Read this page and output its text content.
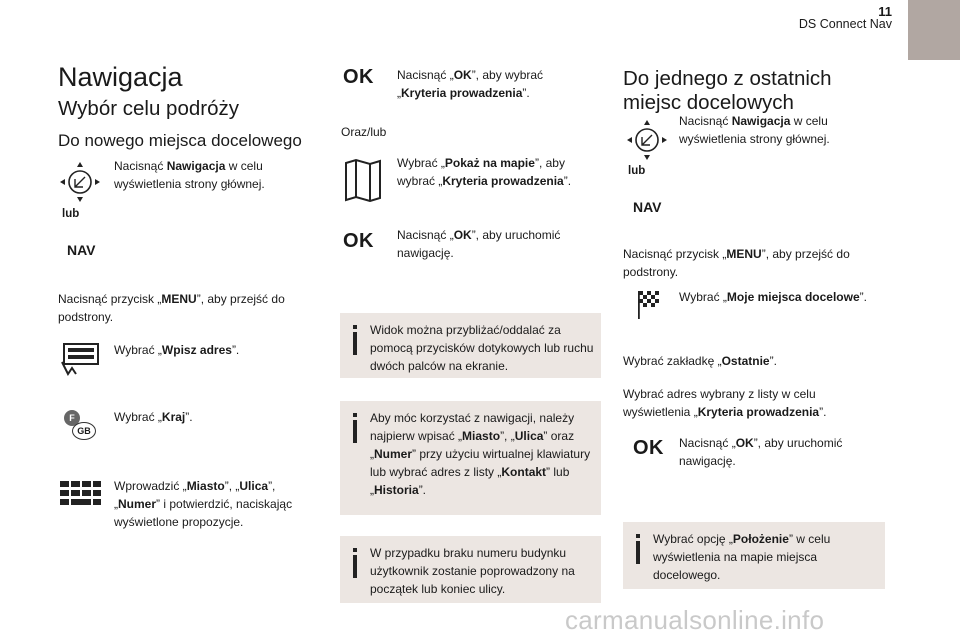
11
DS Connect Nav
Nawigacja
Wybór celu podróży
Do nowego miejsca docelowego
Nacisnąć Nawigacja w celu wyświetlenia strony głównej.
lub
NAV
Nacisnąć przycisk „MENU”, aby przejść do podstrony.
Wybrać „Wpisz adres”.
F
GB
Wybrać „Kraj”.
Wprowadzić „Miasto”, „Ulica”, „Numer” i potwierdzić, naciskając wyświetlone propozycje.
OK Nacisnąć „OK”, aby wybrać „Kryteria prowadzenia”.
Oraz/lub
Wybrać „Pokaż na mapie”, aby wybrać „Kryteria prowadzenia”.
OK Nacisnąć „OK”, aby uruchomić nawigację.
Widok można przybliżać/oddalać za pomocą przycisków dotykowych lub ruchu dwóch palców na ekranie.
Aby móc korzystać z nawigacji, należy najpierw wpisać „Miasto”, „Ulica” oraz „Numer” przy użyciu wirtualnej klawiatury lub wybrać adres z listy „Kontakt” lub „Historia”.
W przypadku braku numeru budynku użytkownik zostanie poprowadzony na początek lub koniec ulicy.
Do jednego z ostatnich miejsc docelowych
Nacisnąć Nawigacja w celu wyświetlenia strony głównej.
lub
NAV
Nacisnąć przycisk „MENU”, aby przejść do podstrony.
Wybrać „Moje miejsca docelowe”.
Wybrać zakładkę „Ostatnie”.
Wybrać adres wybrany z listy w celu wyświetlenia „Kryteria prowadzenia”.
OK Nacisnąć „OK”, aby uruchomić nawigację.
Wybrać opcję „Położenie” w celu wyświetlenia na mapie miejsca docelowego.
carmanualsonline.info
